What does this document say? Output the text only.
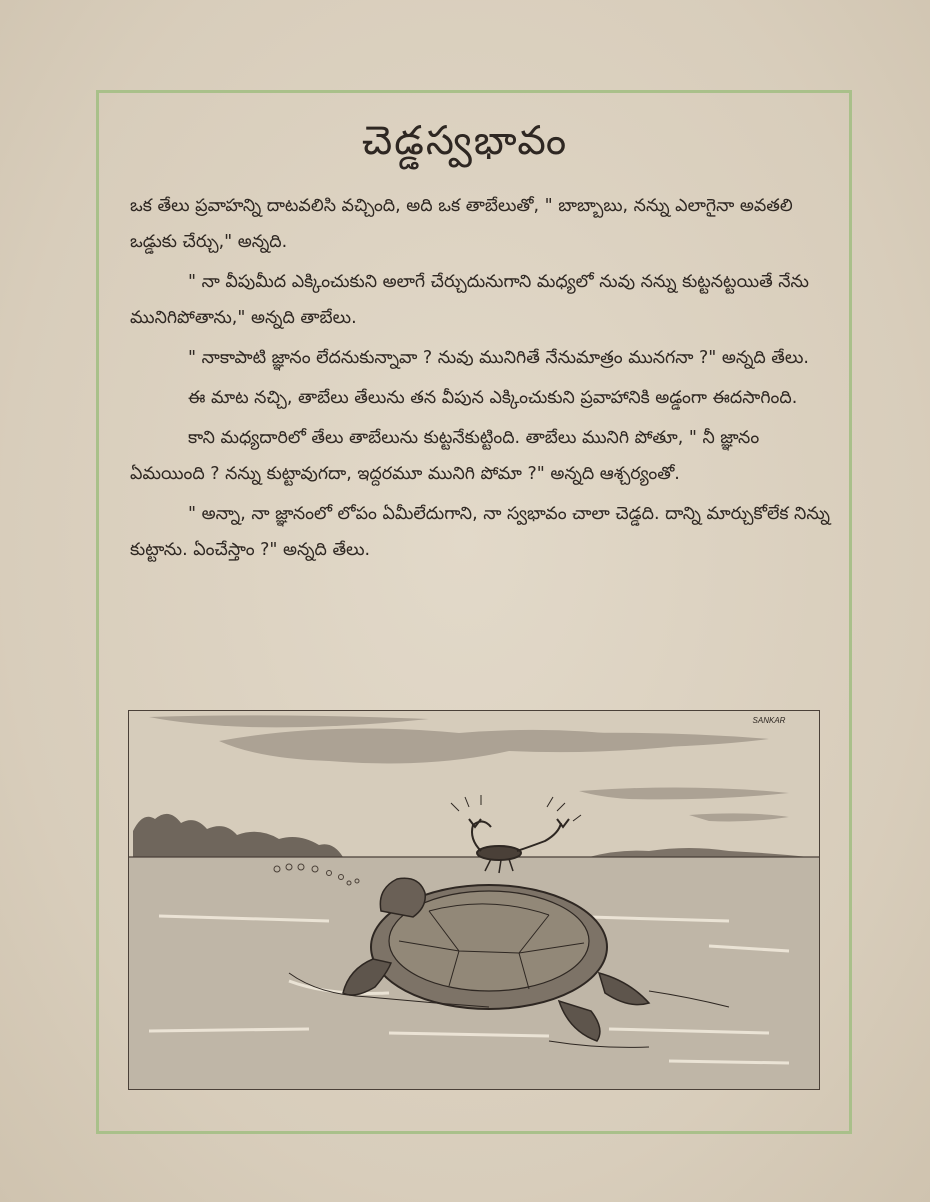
చెడ్డస్వభావం

ఒక తేలు ప్రవాహన్ని దాటవలిసి వచ్చింది, అది ఒక తాబేలుతో, " బాబ్బాబు, నన్ను ఎలాగైనా అవతలి ఒడ్డుకు చేర్చు," అన్నది.

" నా వీపుమీద ఎక్కించుకుని అలాగే చేర్చుదునుగాని మధ్యలో నువు నన్ను కుట్టనట్టయితే నేను మునిగిపోతాను," అన్నది తాబేలు.

" నాకాపాటి జ్ఞానం లేదనుకున్నావా ? నువు మునిగితే నేనుమాత్రం మునగనా ?" అన్నది తేలు.

ఈ మాట నచ్చి, తాబేలు తేలును తన వీపున ఎక్కించుకుని ప్రవాహానికి అడ్డంగా ఈదసాగింది.

కాని మధ్యదారిలో తేలు తాబేలును కుట్టనేకుట్టింది. తాబేలు మునిగి పోతూ, " నీ జ్ఞానం ఏమయింది ? నన్ను కుట్టావుగదా, ఇద్దరమూ మునిగి పోమా ?" అన్నది ఆశ్చర్యంతో.

" అన్నా, నా జ్ఞానంలో లోపం ఏమీలేదుగాని, నా స్వభావం చాలా చెడ్డది. దాన్ని మార్చుకోలేక నిన్ను కుట్టాను. ఏంచేస్తాం ?" అన్నది తేలు.

SANKAR
